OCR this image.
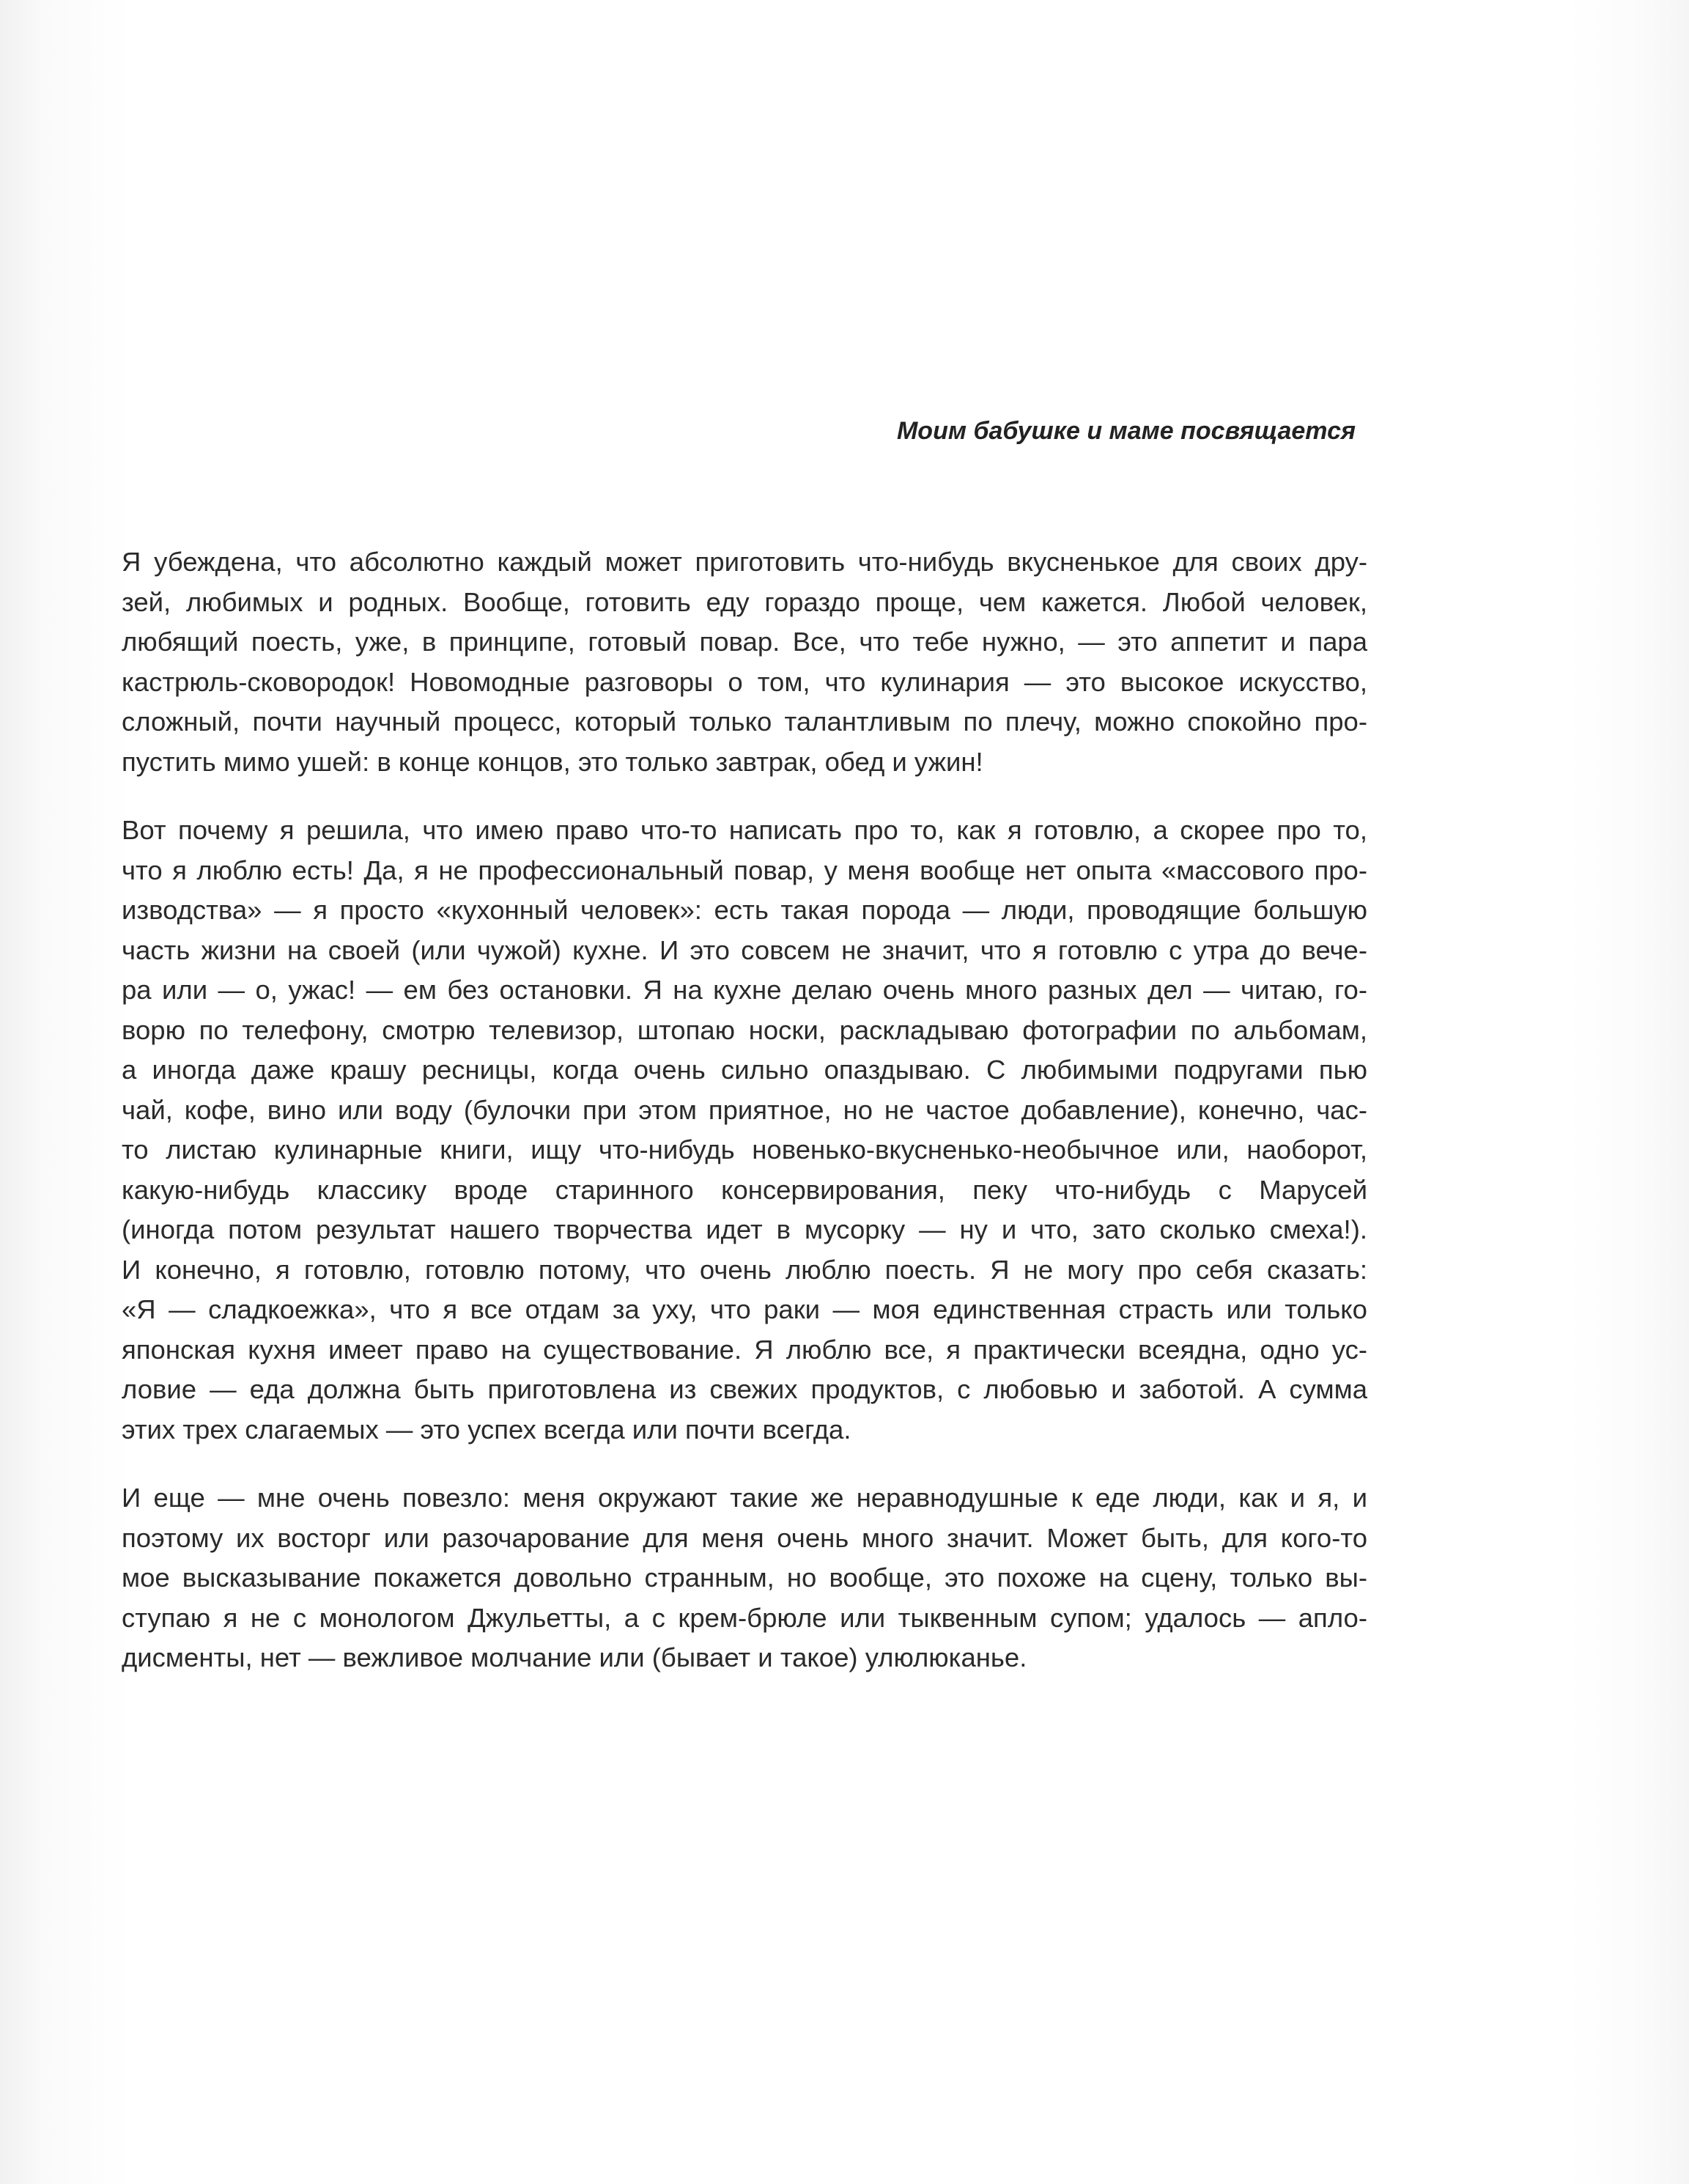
Моим бабушке и маме посвящается

Я убеждена, что абсолютно каждый может приготовить что-нибудь вкусненькое для своих дру-
зей, любимых и родных. Вообще, готовить еду гораздо проще, чем кажется. Любой человек,
любящий поесть, уже, в принципе, готовый повар. Все, что тебе нужно, — это аппетит и пара
кастрюль-сковородок! Новомодные разговоры о том, что кулинария — это высокое искусство,
сложный, почти научный процесс, который только талантливым по плечу, можно спокойно про-
пустить мимо ушей: в конце концов, это только завтрак, обед и ужин!

Вот почему я решила, что имею право что-то написать про то, как я готовлю, а скорее про то,
что я люблю есть! Да, я не профессиональный повар, у меня вообще нет опыта «массового про-
изводства» — я просто «кухонный человек»: есть такая порода — люди, проводящие большую
часть жизни на своей (или чужой) кухне. И это совсем не значит, что я готовлю с утра до вече-
ра или — о, ужас! — ем без остановки. Я на кухне делаю очень много разных дел — читаю, го-
ворю по телефону, смотрю телевизор, штопаю носки, раскладываю фотографии по альбомам,
а иногда даже крашу ресницы, когда очень сильно опаздываю. С любимыми подругами пью
чай, кофе, вино или воду (булочки при этом приятное, но не частое добавление), конечно, час-
то листаю кулинарные книги, ищу что-нибудь новенько-вкусненько-необычное или, наоборот,
какую-нибудь классику вроде старинного консервирования, пеку что-нибудь с Марусей
(иногда потом результат нашего творчества идет в мусорку — ну и что, зато сколько смеха!).
И конечно, я готовлю, готовлю потому, что очень люблю поесть. Я не могу про себя сказать:
«Я — сладкоежка», что я все отдам за уху, что раки — моя единственная страсть или только
японская кухня имеет право на существование. Я люблю все, я практически всеядна, одно ус-
ловие — еда должна быть приготовлена из свежих продуктов, с любовью и заботой. А сумма
этих трех слагаемых — это успех всегда или почти всегда.

И еще — мне очень повезло: меня окружают такие же неравнодушные к еде люди, как и я, и
поэтому их восторг или разочарование для меня очень много значит. Может быть, для кого-то
мое высказывание покажется довольно странным, но вообще, это похоже на сцену, только вы-
ступаю я не с монологом Джульетты, а с крем-брюле или тыквенным супом; удалось — апло-
дисменты, нет — вежливое молчание или (бывает и такое) улюлюканье.
